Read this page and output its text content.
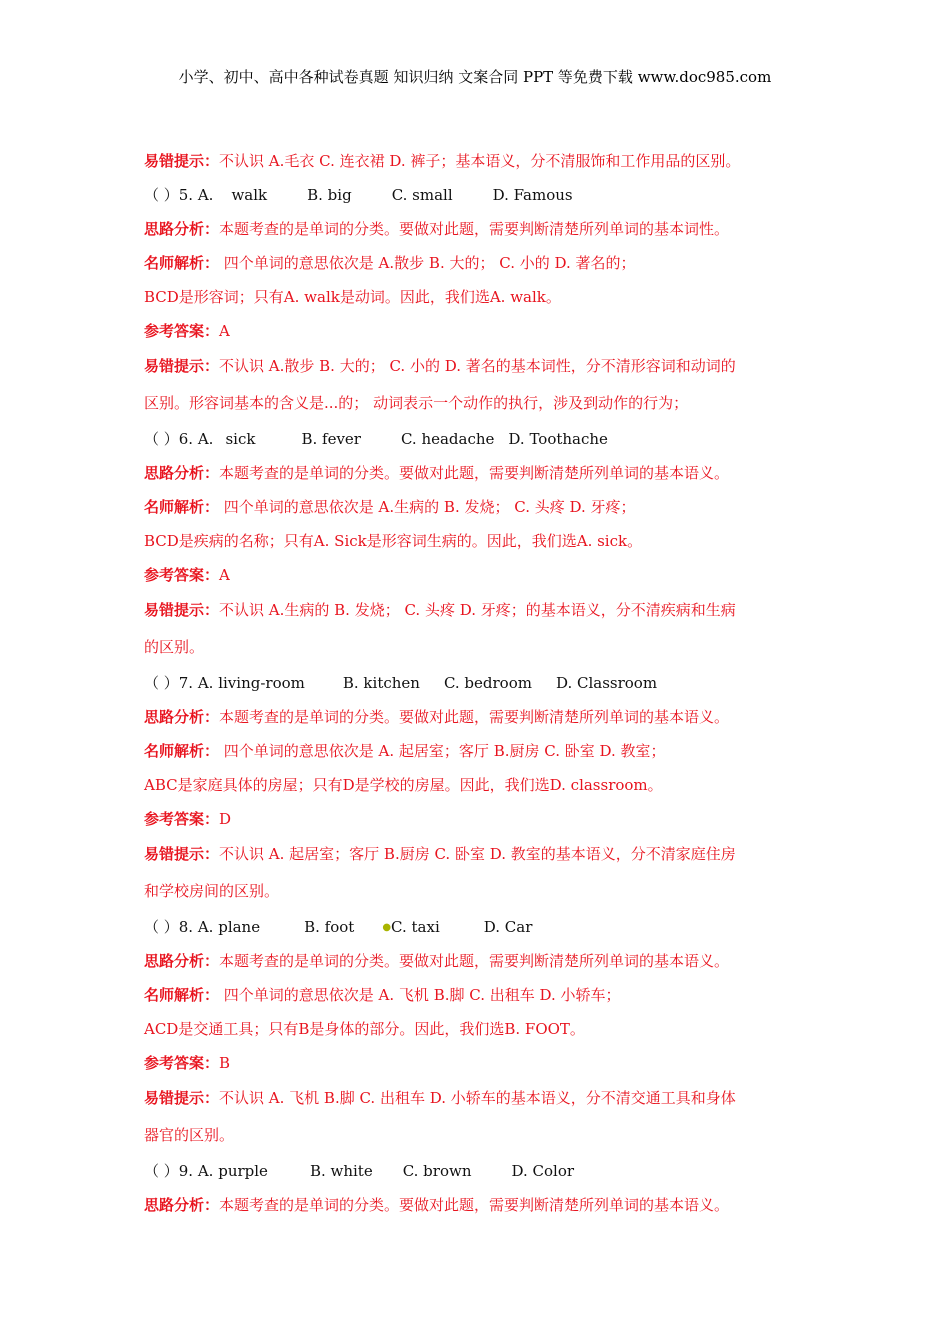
小学、初中、高中各种试卷真题 知识归纳 文案合同 PPT 等免费下载 www.doc985.com
易错提示：不认识 A.毛衣 C. 连衣裙 D. 裤子；基本语义，分不清服饰和工作用品的区别。
（ ）5. A. walk	B. big	C. small	D. Famous
思路分析：本题考查的是单词的分类。要做对此题，需要判断清楚所列单词的基本词性。
名师解析： 四个单词的意思依次是 A.散步 B. 大的； C. 小的 D. 著名的；
BCD是形容词；只有A. walk是动词。因此，我们选A. walk。
参考答案：A
易错提示：不认识 A.散步 B. 大的； C. 小的 D. 著名的基本词性，分不清形容词和动词的
区别。形容词基本的含义是...的； 动词表示一个动作的执行，涉及到动作的行为；
（ ）6. A. sick	B. fever	C. headache D. Toothache
思路分析：本题考查的是单词的分类。要做对此题，需要判断清楚所列单词的基本语义。
名师解析： 四个单词的意思依次是 A.生病的 B. 发烧； C. 头疼 D. 牙疼；
BCD是疾病的名称；只有A. Sick是形容词生病的。因此，我们选A. sick。
参考答案：A
易错提示：不认识 A.生病的 B. 发烧； C. 头疼 D. 牙疼；的基本语义，分不清疾病和生病
的区别。
（ ）7. A. living-room	B. kitchen C. bedroom D. Classroom
思路分析：本题考查的是单词的分类。要做对此题，需要判断清楚所列单词的基本语义。
名师解析： 四个单词的意思依次是 A. 起居室；客厅 B.厨房 C. 卧室 D. 教室；
ABC是家庭具体的房屋；只有D是学校的房屋。因此，我们选D. classroom。
参考答案：D
易错提示：不认识 A. 起居室；客厅 B.厨房 C. 卧室 D. 教室的基本语义，分不清家庭住房
和学校房间的区别。
（ ）8. A. plane	B. foot	●C. taxi	D. Car
思路分析：本题考查的是单词的分类。要做对此题，需要判断清楚所列单词的基本语义。
名师解析： 四个单词的意思依次是 A. 飞机 B.脚 C. 出租车 D. 小轿车；
ACD是交通工具；只有B是身体的部分。因此，我们选B. FOOT。
参考答案：B
易错提示：不认识 A. 飞机 B.脚 C. 出租车 D. 小轿车的基本语义，分不清交通工具和身体
器官的区别。
（ ）9. A. purple	B. white C. brown	D. Color
思路分析：本题考查的是单词的分类。要做对此题，需要判断清楚所列单词的基本语义。
